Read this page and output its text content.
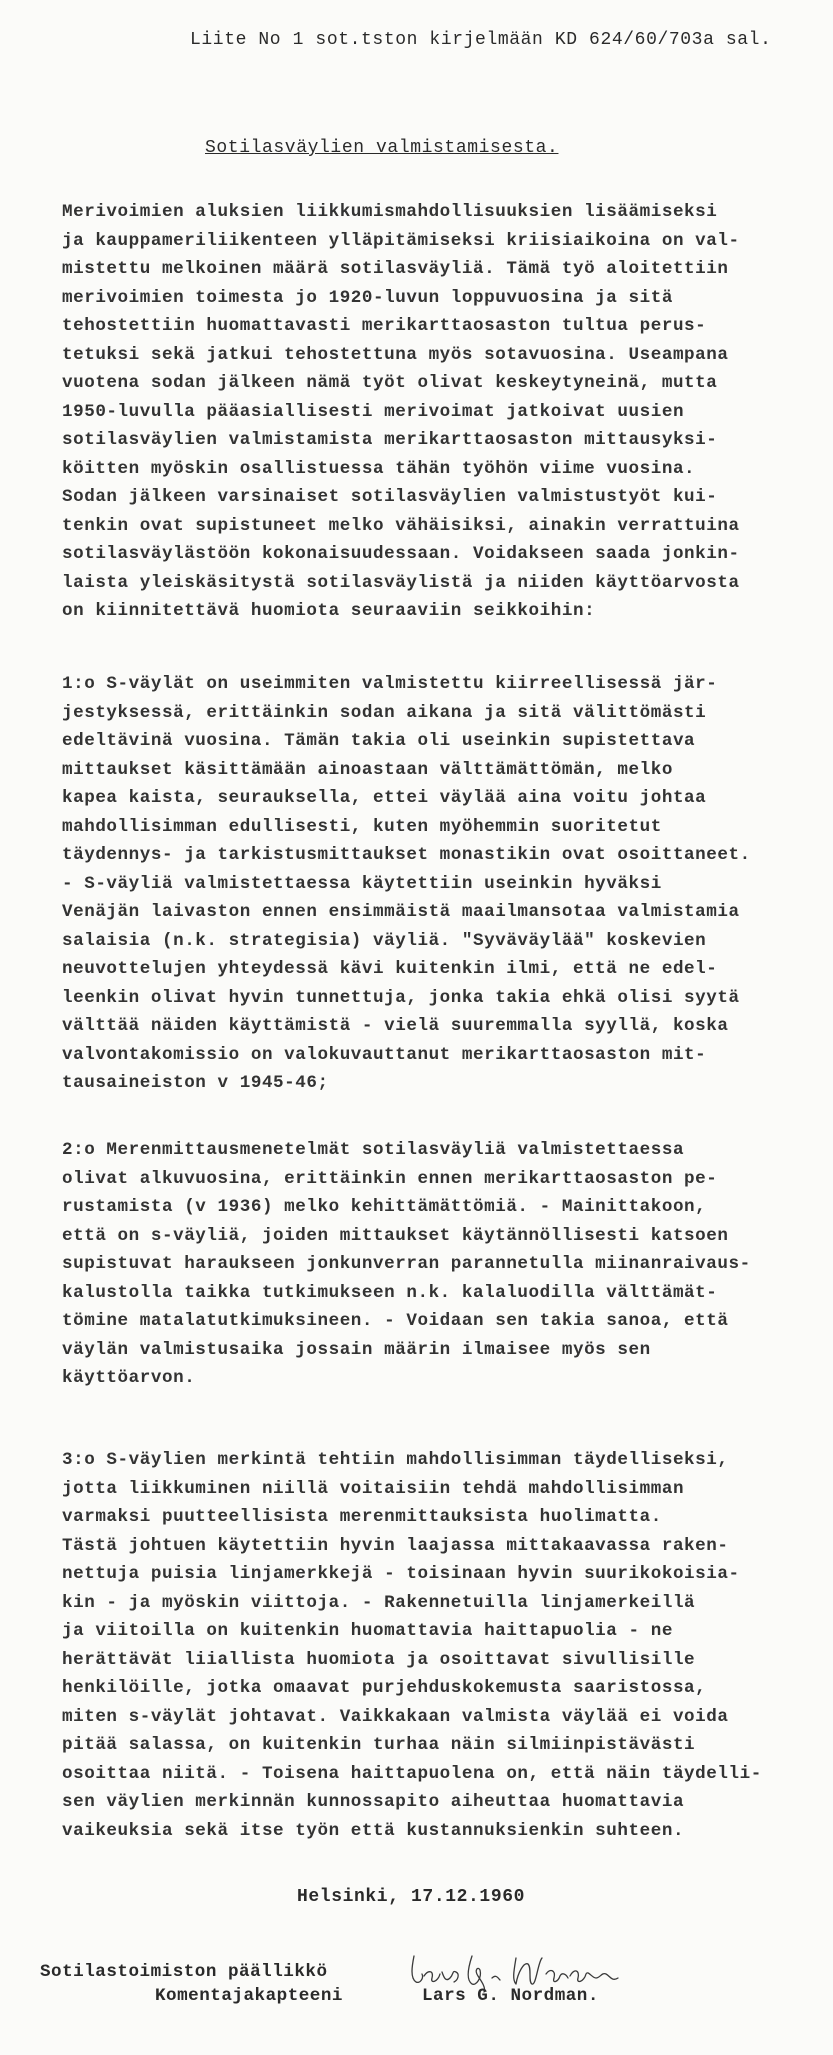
Liite No 1 sot.tston kirjelmään KD 624/60/703a sal.
Sotilasväylien valmistamisesta.
Merivoimien aluksien liikkumismahdollisuuksien lisäämiseksi
ja kauppameriliikenteen ylläpitämiseksi kriisiaikoina on val-
mistettu melkoinen määrä sotilasväyliä. Tämä työ aloitettiin
merivoimien toimesta jo 1920-luvun loppuvuosina ja sitä
tehostettiin huomattavasti merikarttaosaston tultua perus-
tetuksi sekä jatkui tehostettuna myös sotavuosina. Useampana
vuotena sodan jälkeen nämä työt olivat keskeytyneinä, mutta
1950-luvulla pääasiallisesti merivoimat jatkoivat uusien
sotilasväylien valmistamista merikarttaosaston mittausyksi-
köitten myöskin osallistuessa tähän työhön viime vuosina.
Sodan jälkeen varsinaiset sotilasväylien valmistustyöt kui-
tenkin ovat supistuneet melko vähäisiksi, ainakin verrattuina
sotilasväylästöön kokonaisuudessaan. Voidakseen saada jonkin-
laista yleiskäsitystä sotilasväylistä ja niiden käyttöarvosta
on kiinnitettävä huomiota seuraaviin seikkoihin:
1:o S-väylät on useimmiten valmistettu kiirreellisessä jär-
jestyksessä, erittäinkin sodan aikana ja sitä välittömästi
edeltävinä vuosina. Tämän takia oli useinkin supistettava
mittaukset käsittämään ainoastaan välttämättömän, melko
kapea kaista, seurauksella, ettei väylää aina voitu johtaa
mahdollisimman edullisesti, kuten myöhemmin suoritetut
täydennys- ja tarkistusmittaukset monastikin ovat osoittaneet.
- S-väyliä valmistettaessa käytettiin useinkin hyväksi
Venäjän laivaston ennen ensimmäistä maailmansotaa valmistamia
salaisia (n.k. strategisia) väyliä. "Syväväylää" koskevien
neuvottelujen yhteydessä kävi kuitenkin ilmi, että ne edel-
leenkin olivat hyvin tunnettuja, jonka takia ehkä olisi syytä
välttää näiden käyttämistä - vielä suuremmalla syyllä, koska
valvontakomissio on valokuvauttanut merikarttaosaston mit-
tausaineiston v 1945-46;
2:o Merenmittausmenetelmät sotilasväyliä valmistettaessa
olivat alkuvuosina, erittäinkin ennen merikarttaosaston pe-
rustamista (v 1936) melko kehittämättömiä. - Mainittakoon,
että on s-väyliä, joiden mittaukset käytännöllisesti katsoen
supistuvat haraukseen jonkunverran parannetulla miinanraivaus-
kalustolla taikka tutkimukseen n.k. kalaluodilla välttämät-
tömine matalatutkimuksineen. - Voidaan sen takia sanoa, että
väylän valmistusaika jossain määrin ilmaisee myös sen
käyttöarvon.
3:o S-väylien merkintä tehtiin mahdollisimman täydelliseksi,
jotta liikkuminen niillä voitaisiin tehdä mahdollisimman
varmaksi puutteellisista merenmittauksista huolimatta.
Tästä johtuen käytettiin hyvin laajassa mittakaavassa raken-
nettuja puisia linjamerkkejä - toisinaan hyvin suurikokoisia-
kin - ja myöskin viittoja. - Rakennetuilla linjamerkeillä
ja viitoilla on kuitenkin huomattavia haittapuolia - ne
herättävät liiallista huomiota ja osoittavat sivullisille
henkilöille, jotka omaavat purjehduskokemusta saaristossa,
miten s-väylät johtavat. Vaikkakaan valmista väylää ei voida
pitää salassa, on kuitenkin turhaa näin silmiinpistävästi
osoittaa niitä. - Toisena haittapuolena on, että näin täydelli-
sen väylien merkinnän kunnossapito aiheuttaa huomattavia
vaikeuksia sekä itse työn että kustannuksienkin suhteen.
Helsinki, 17.12.1960
Sotilastoimiston päällikkö
Komentajakapteeni	Lars G. Nordman.
